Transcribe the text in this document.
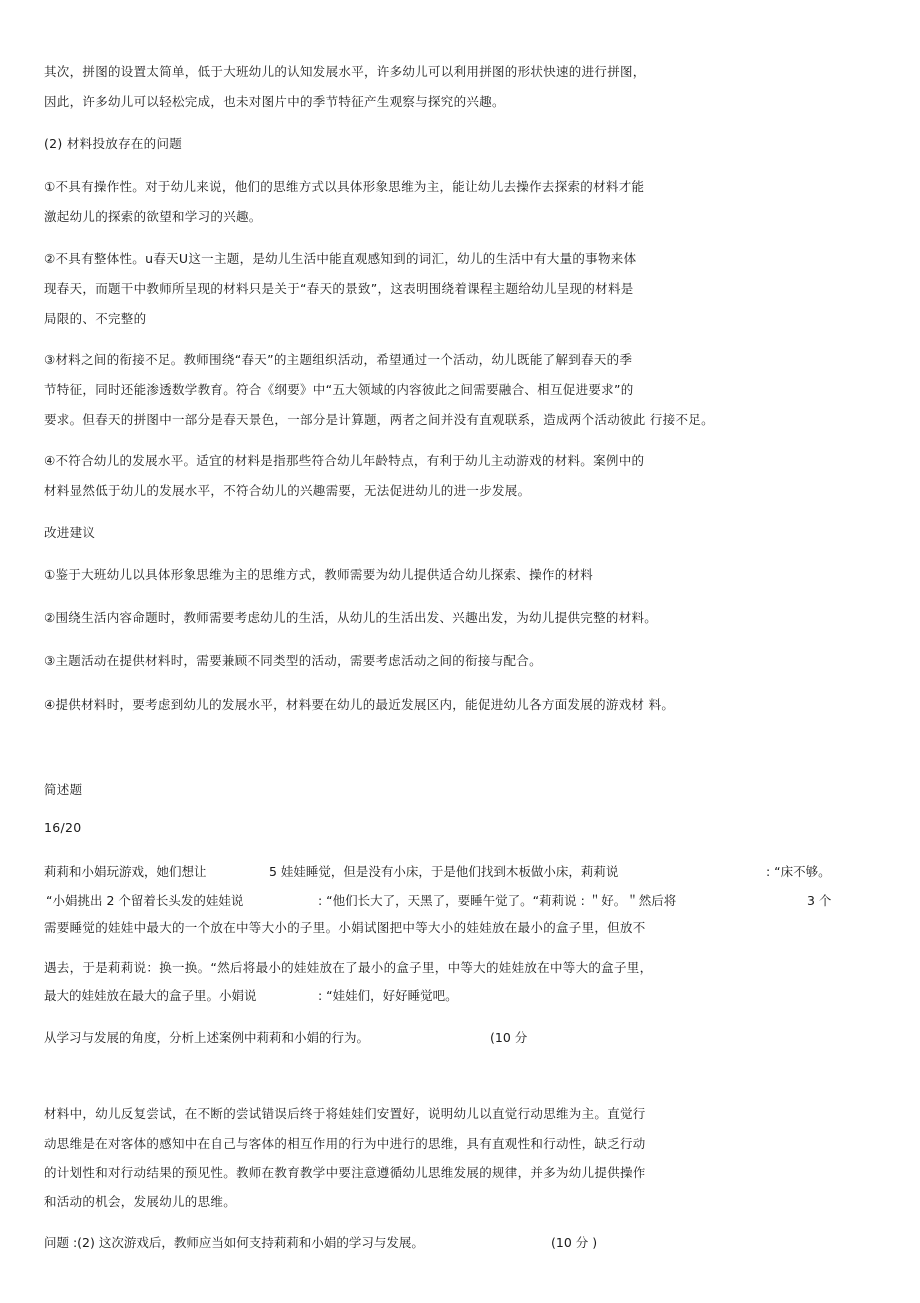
其次，拼图的设置太简单，低于大班幼儿的认知发展水平，许多幼儿可以利用拼图的形状快速的进行拼图，
因此，许多幼儿可以轻松完成，也未对图片中的季节特征产生观察与探究的兴趣。
(2) 材料投放存在的问题
①不具有操作性。对于幼儿来说，他们的思维方式以具体形象思维为主，能让幼儿去操作去探索的材料才能
激起幼儿的探索的欲望和学习的兴趣。
②不具有整体性。u春天U这一主题，是幼儿生活中能直观感知到的词汇，幼儿的生活中有大量的事物来体
现春天，而题干中教师所呈现的材料只是关于“春天的景致”，这表明围绕着课程主题给幼儿呈现的材料是
局限的、不完整的
③材料之间的衔接不足。教师围绕“春天”的主题组织活动，希望通过一个活动，幼儿既能了解到春天的季
节特征，同时还能渗透数学教育。符合《纲要》中“五大领域的内容彼此之间需要融合、相互促进要求”的
要求。但春天的拼图中一部分是春天景色，一部分是计算题，两者之间并没有直观联系，造成两个活动彼此 行接不足。
④不符合幼儿的发展水平。适宜的材料是指那些符合幼儿年龄特点，有利于幼儿主动游戏的材料。案例中的
材料显然低于幼儿的发展水平，不符合幼儿的兴趣需要，无法促进幼儿的进一步发展。
改进建议
①鉴于大班幼儿以具体形象思维为主的思维方式，教师需要为幼儿提供适合幼儿探索、操作的材料
②围绕生活内容命题时，教师需要考虑幼儿的生活，从幼儿的生活出发、兴趣出发，为幼儿提供完整的材料。
③主题活动在提供材料时，需要兼顾不同类型的活动，需要考虑活动之间的衔接与配合。
④提供材料时，要考虑到幼儿的发展水平，材料要在幼儿的最近发展区内，能促进幼儿各方面发展的游戏材 料。
简述题
16/20
莉莉和小娟玩游戏，她们想让	5 娃娃睡觉，但是没有小床，于是他们找到木板做小床，莉莉说	: “床不够。
“小娟挑出 2 个留着长头发的娃娃说	: “他们长大了，天黑了，要睡午觉了。“莉莉说 : ＂好。＂然后将	3 个
需要睡觉的娃娃中最大的一个放在中等大小的子里。小娟试图把中等大小的娃娃放在最小的盒子里，但放不
遇去，于是莉莉说：换一换。“然后将最小的娃娃放在了最小的盒子里，中等大的娃娃放在中等大的盒子里，
最大的娃娃放在最大的盒子里。小娟说	: “娃娃们，好好睡觉吧。
从学习与发展的角度，分析上述案例中莉莉和小娟的行为。	(10 分
材料中，幼儿反复尝试，在不断的尝试错误后终于将娃娃们安置好，说明幼儿以直觉行动思维为主。直觉行
动思维是在对客体的感知中在自己与客体的相互作用的行为中进行的思维，具有直观性和行动性，缺乏行动
的计划性和对行动结果的预见性。教师在教育教学中要注意遵循幼儿思维发展的规律，并多为幼儿提供操作
和活动的机会，发展幼儿的思维。
问题 :(2) 这次游戏后，教师应当如何支持莉莉和小娟的学习与发展。	(10 分 )
